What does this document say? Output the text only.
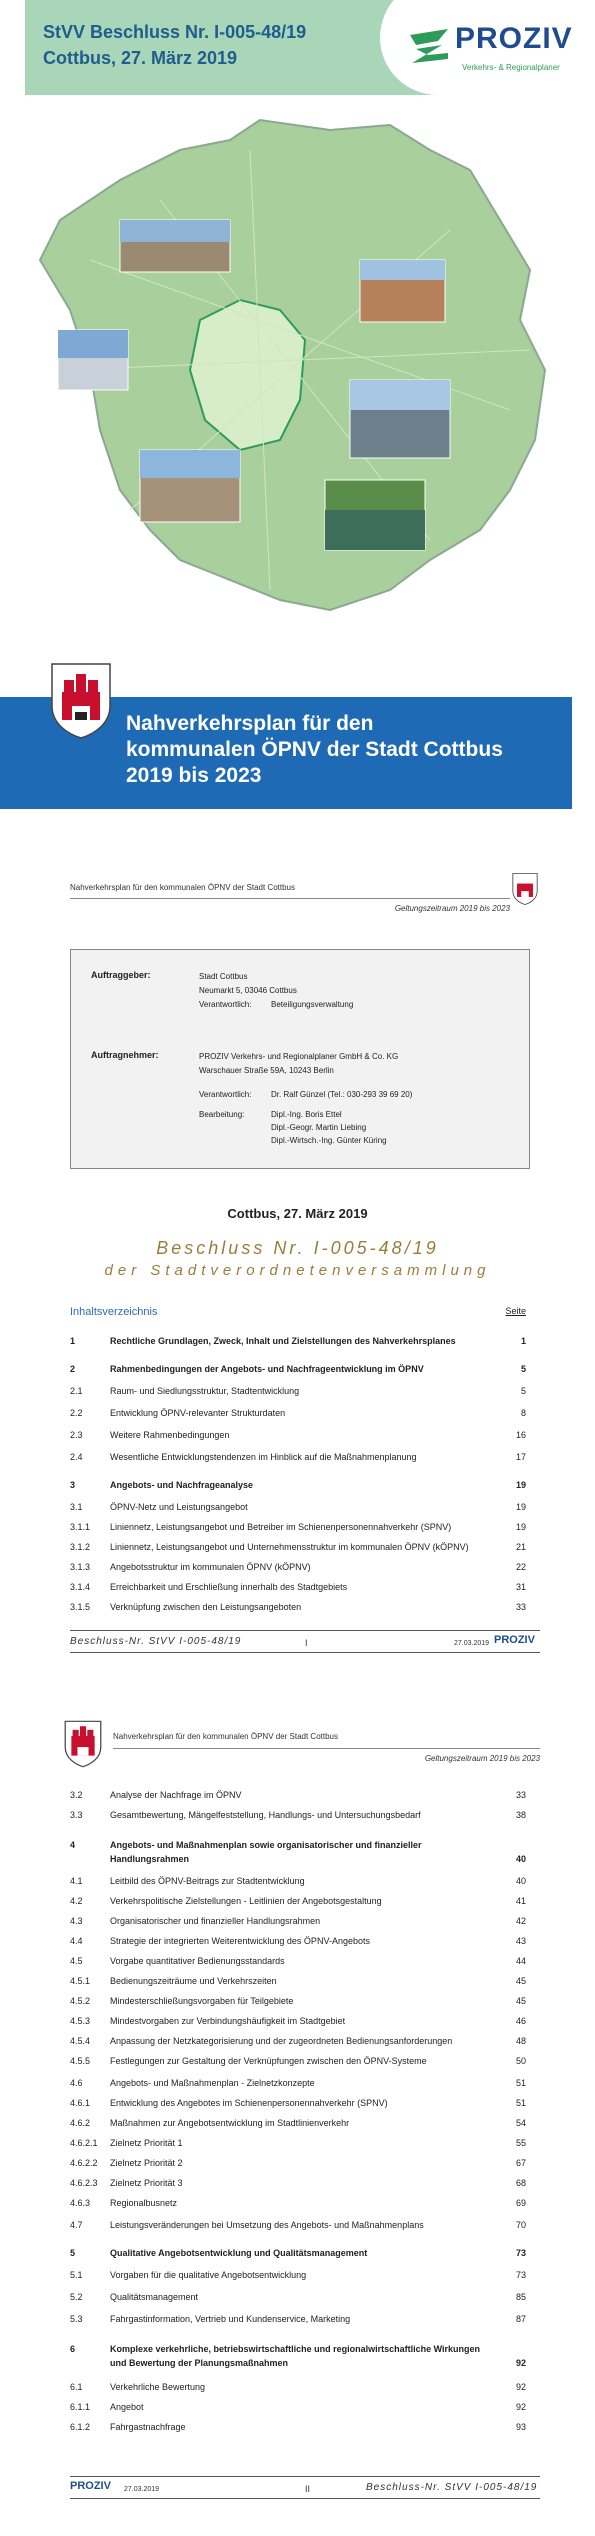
StVV Beschluss Nr. I-005-48/19
Cottbus, 27. März 2019
PROZIV
Verkehrs- & Regionalplaner
Nahverkehrsplan für den
kommunalen ÖPNV der Stadt Cottbus
2019 bis 2023
Nahverkehrsplan für den kommunalen ÖPNV der Stadt Cottbus
Geltungszeitraum 2019 bis 2023
Auftraggeber:	Stadt Cottbus
Neumarkt 5, 03046 Cottbus
Verantwortlich: Beteiligungsverwaltung
Auftragnehmer:	PROZIV Verkehrs- und Regionalplaner GmbH & Co. KG
Warschauer Straße 59A, 10243 Berlin
Verantwortlich: Dr. Ralf Günzel (Tel.: 030-293 39 69 20)
Bearbeitung:	Dipl.-Ing. Boris Ettel
Dipl.-Geogr. Martin Liebing
Dipl.-Wirtsch.-Ing. Günter Küring
Cottbus, 27. März 2019
Beschluss Nr. I-005-48/19
der Stadtverordnetenversammlung
Inhaltsverzeichnis	Seite
1	Rechtliche Grundlagen, Zweck, Inhalt und Zielstellungen des Nahverkehrsplanes	1
2	Rahmenbedingungen der Angebots- und Nachfrageentwicklung im ÖPNV	5
2.1	Raum- und Siedlungsstruktur, Stadtentwicklung	5
2.2	Entwicklung ÖPNV-relevanter Strukturdaten	8
2.3	Weitere Rahmenbedingungen	16
2.4	Wesentliche Entwicklungstendenzen im Hinblick auf die Maßnahmenplanung	17
3	Angebots- und Nachfrageanalyse	19
3.1	ÖPNV-Netz und Leistungsangebot	19
3.1.1 Liniennetz, Leistungsangebot und Betreiber im Schienenpersonennahverkehr (SPNV)	19
3.1.2 Liniennetz, Leistungsangebot und Unternehmensstruktur im kommunalen ÖPNV (kÖPNV)	21
3.1.3 Angebotsstruktur im kommunalen ÖPNV (kÖPNV)	22
3.1.4 Erreichbarkeit und Erschließung innerhalb des Stadtgebiets	31
3.1.5 Verknüpfung zwischen den Leistungsangeboten	33
Beschluss-Nr. StVV I-005-48/19	I	27.03.2019 PROZIV
Nahverkehrsplan für den kommunalen ÖPNV der Stadt Cottbus
Geltungszeitraum 2019 bis 2023
3.2	Analyse der Nachfrage im ÖPNV	33
3.3	Gesamtbewertung, Mängelfeststellung, Handlungs- und Untersuchungsbedarf	38
4	Angebots- und Maßnahmenplan sowie organisatorischer und finanzieller Handlungsrahmen	40
4.1	Leitbild des ÖPNV-Beitrags zur Stadtentwicklung	40
4.2	Verkehrspolitische Zielstellungen - Leitlinien der Angebotsgestaltung	41
4.3	Organisatorischer und finanzieller Handlungsrahmen	42
4.4	Strategie der integrierten Weiterentwicklung des ÖPNV-Angebots	43
4.5	Vorgabe quantitativer Bedienungsstandards	44
4.5.1 Bedienungszeiträume und Verkehrszeiten	45
4.5.2 Mindesterschließungsvorgaben für Teilgebiete	45
4.5.3 Mindestvorgaben zur Verbindungshäufigkeit im Stadtgebiet	46
4.5.4 Anpassung der Netzkategorisierung und der zugeordneten Bedienungsanforderungen	48
4.5.5 Festlegungen zur Gestaltung der Verknüpfungen zwischen den ÖPNV-Systeme	50
4.6	Angebots- und Maßnahmenplan - Zielnetzkonzepte	51
4.6.1 Entwicklung des Angebotes im Schienenpersonennahverkehr (SPNV)	51
4.6.2 Maßnahmen zur Angebotsentwicklung im Stadtlinienverkehr	54
4.6.2.1 Zielnetz Priorität 1	55
4.6.2.2 Zielnetz Priorität 2	67
4.6.2.3 Zielnetz Priorität 3	68
4.6.3 Regionalbusnetz	69
4.7	Leistungsveränderungen bei Umsetzung des Angebots- und Maßnahmenplans	70
5	Qualitative Angebotsentwicklung und Qualitätsmanagement	73
5.1	Vorgaben für die qualitative Angebotsentwicklung	73
5.2	Qualitätsmanagement	85
5.3	Fahrgastinformation, Vertrieb und Kundenservice, Marketing	87
6	Komplexe verkehrliche, betriebswirtschaftliche und regionalwirtschaftliche Wirkungen und Bewertung der Planungsmaßnahmen	92
6.1	Verkehrliche Bewertung	92
6.1.1 Angebot	92
6.1.2 Fahrgastnachfrage	93
PROZIV 27.03.2019	II	Beschluss-Nr. StVV I-005-48/19
